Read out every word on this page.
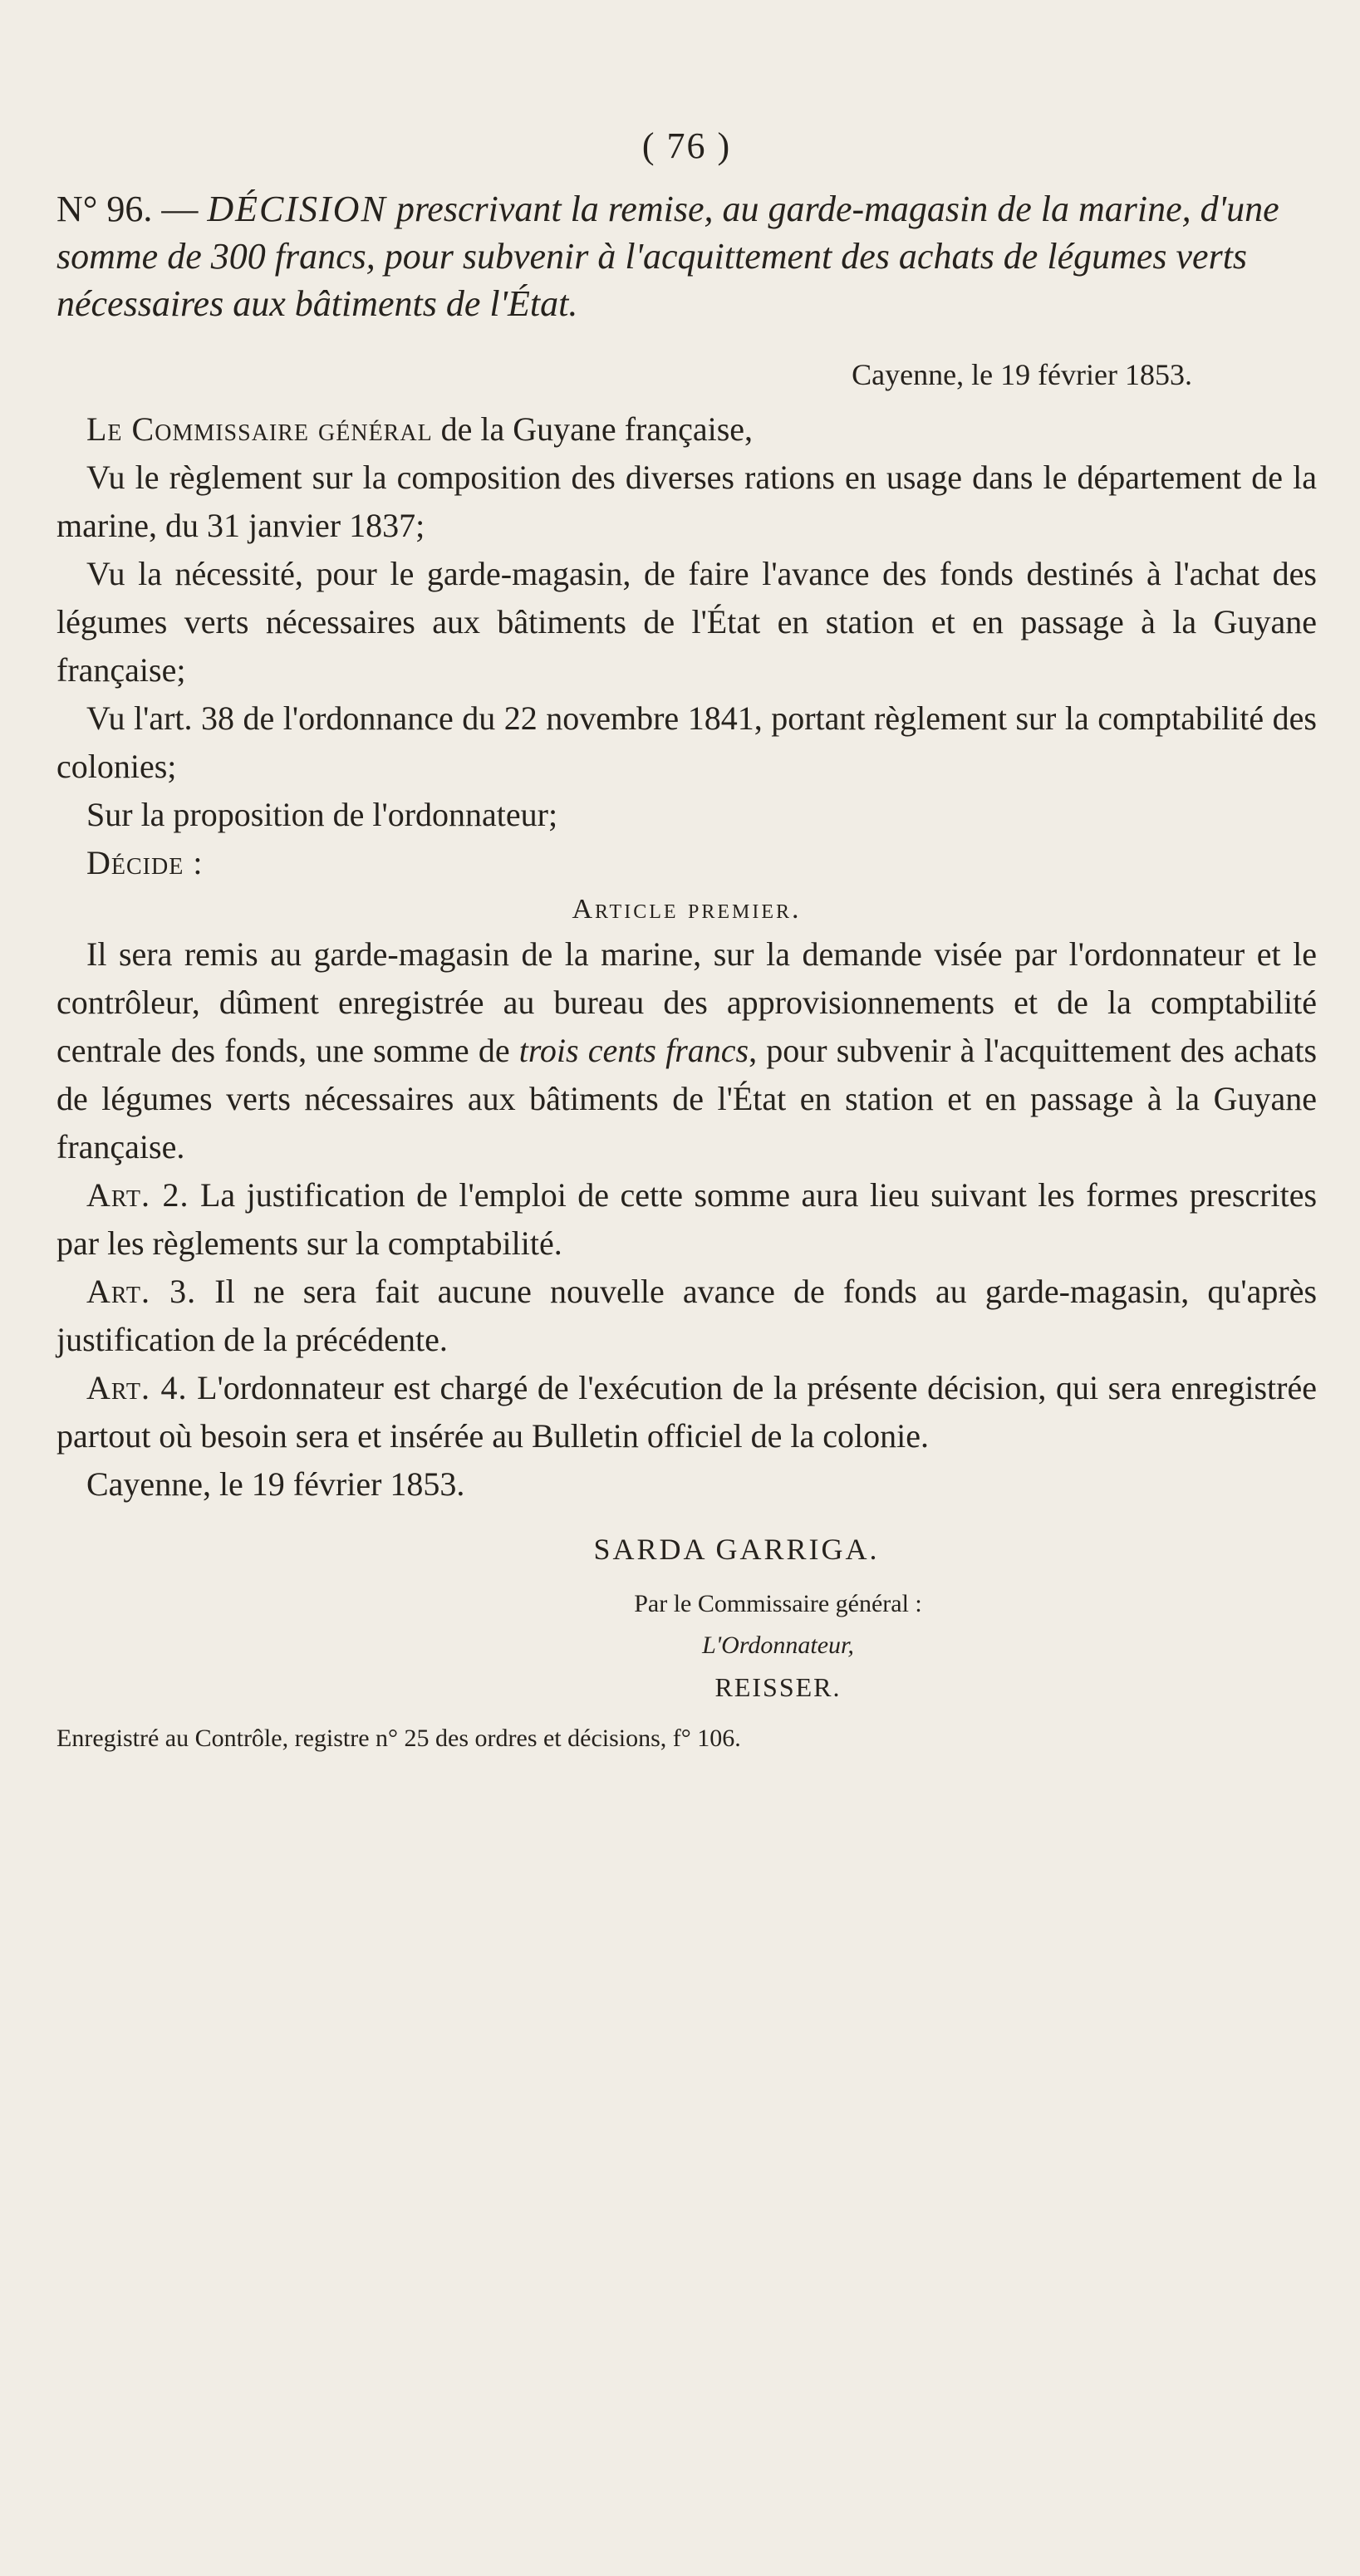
( 76 )
N° 96. — DÉCISION prescrivant la remise, au garde-magasin de la marine, d'une somme de 300 francs, pour subvenir à l'acquittement des achats de légumes verts nécessaires aux bâtiments de l'État.
Cayenne, le 19 février 1853.

Le Commissaire général de la Guyane française,

Vu le règlement sur la composition des diverses rations en usage dans le département de la marine, du 31 janvier 1837;

Vu la nécessité, pour le garde-magasin, de faire l'avance des fonds destinés à l'achat des légumes verts nécessaires aux bâtiments de l'État en station et en passage à la Guyane française;

Vu l'art. 38 de l'ordonnance du 22 novembre 1841, portant règlement sur la comptabilité des colonies;

Sur la proposition de l'ordonnateur;

Décide :

Article premier.

Il sera remis au garde-magasin de la marine, sur la demande visée par l'ordonnateur et le contrôleur, dûment enregistrée au bureau des approvisionnements et de la comptabilité centrale des fonds, une somme de trois cents francs, pour subvenir à l'acquittement des achats de légumes verts nécessaires aux bâtiments de l'État en station et en passage à la Guyane française.

Art. 2. La justification de l'emploi de cette somme aura lieu suivant les formes prescrites par les règlements sur la comptabilité.

Art. 3. Il ne sera fait aucune nouvelle avance de fonds au garde-magasin, qu'après justification de la précédente.

Art. 4. L'ordonnateur est chargé de l'exécution de la présente décision, qui sera enregistrée partout où besoin sera et insérée au Bulletin officiel de la colonie.

Cayenne, le 19 février 1853.

SARDA GARRIGA.
Par le Commissaire général :
L'Ordonnateur,
REISSER.
Enregistré au Contrôle, registre n° 25 des ordres et décisions, f° 106.
